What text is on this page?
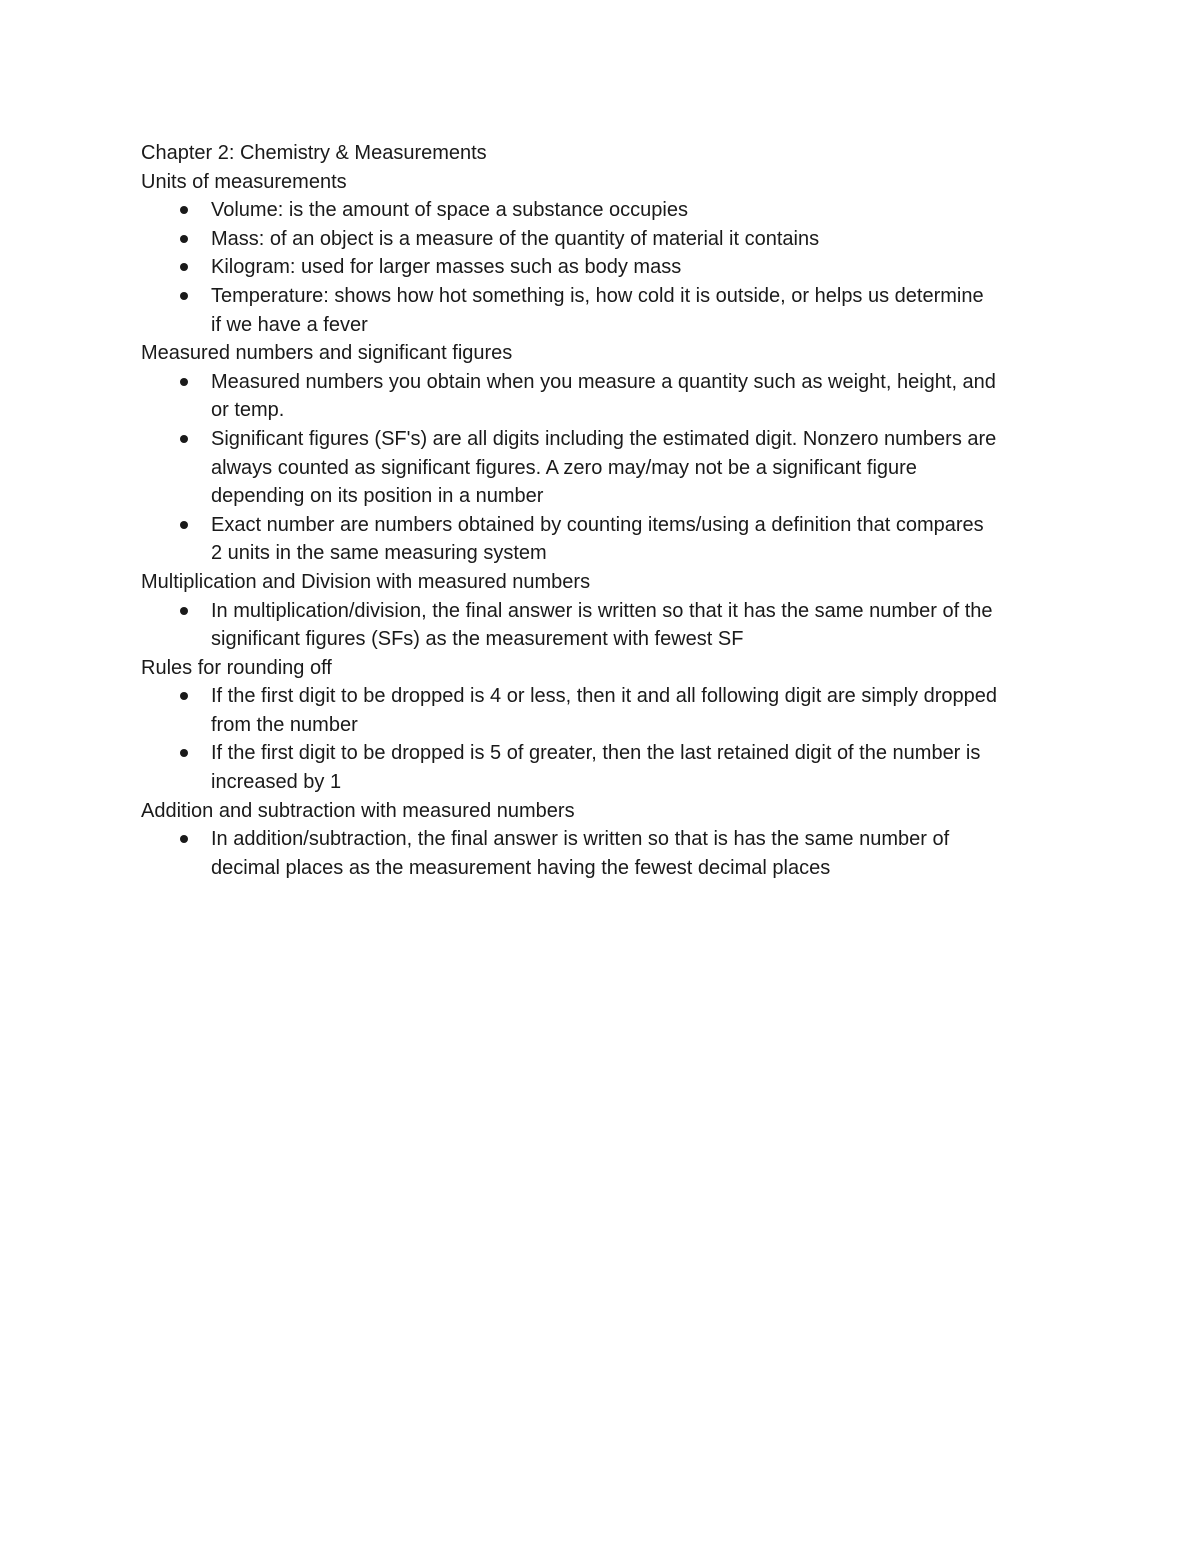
Chapter 2: Chemistry & Measurements

Units of measurements

Volume: is the amount of space a substance occupies
Mass: of an object is a measure of the quantity of material it contains
Kilogram: used for larger masses such as body mass
Temperature: shows how hot something is, how cold it is outside, or helps us determine
if we have a fever

Measured numbers and significant figures

Measured numbers you obtain when you measure a quantity such as weight, height, and
or temp.
Significant figures (SF's) are all digits including the estimated digit. Nonzero numbers are
always counted as significant figures. A zero may/may not be a significant figure
depending on its position in a number
Exact number are numbers obtained by counting items/using a definition that compares
2 units in the same measuring system

Multiplication and Division with measured numbers

In multiplication/division, the final answer is written so that it has the same number of the
significant figures (SFs) as the measurement with fewest SF

Rules for rounding off

If the first digit to be dropped is 4 or less, then it and all following digit are simply dropped
from the number
If the first digit to be dropped is 5 of greater, then the last retained digit of the number is
increased by 1

Addition and subtraction with measured numbers

In addition/subtraction, the final answer is written so that is has the same number of
decimal places as the measurement having the fewest decimal places
